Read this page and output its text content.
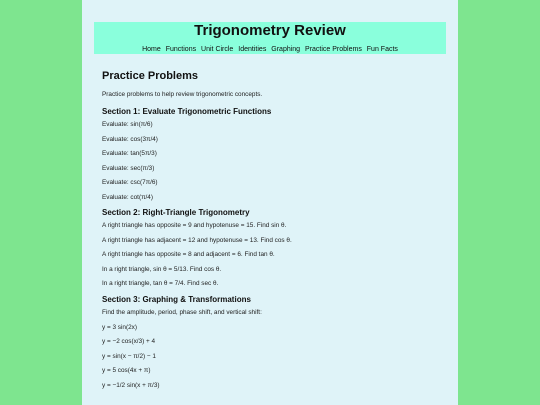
Trigonometry Review
Home Functions Unit Circle Identities Graphing Practice Problems Fun Facts
Practice Problems

Practice problems to help review trigonometric concepts.

Section 1: Evaluate Trigonometric Functions
Evaluate: sin(π/6)
Evaluate: cos(3π/4)
Evaluate: tan(5π/3)
Evaluate: sec(π/3)
Evaluate: csc(7π/6)
Evaluate: cot(π/4)
Section 2: Right-Triangle Trigonometry
A right triangle has opposite = 9 and hypotenuse = 15. Find sin θ.
A right triangle has adjacent = 12 and hypotenuse = 13. Find cos θ.
A right triangle has opposite = 8 and adjacent = 6. Find tan θ.
In a right triangle, sin θ = 5/13. Find cos θ.
In a right triangle, tan θ = 7/4. Find sec θ.
Section 3: Graphing & Transformations

Find the amplitude, period, phase shift, and vertical shift:

y = 3 sin(2x)
y = −2 cos(x/3) + 4
y = sin(x − π/2) − 1
y = 5 cos(4x + π)
y = −1/2 sin(x + π/3)
